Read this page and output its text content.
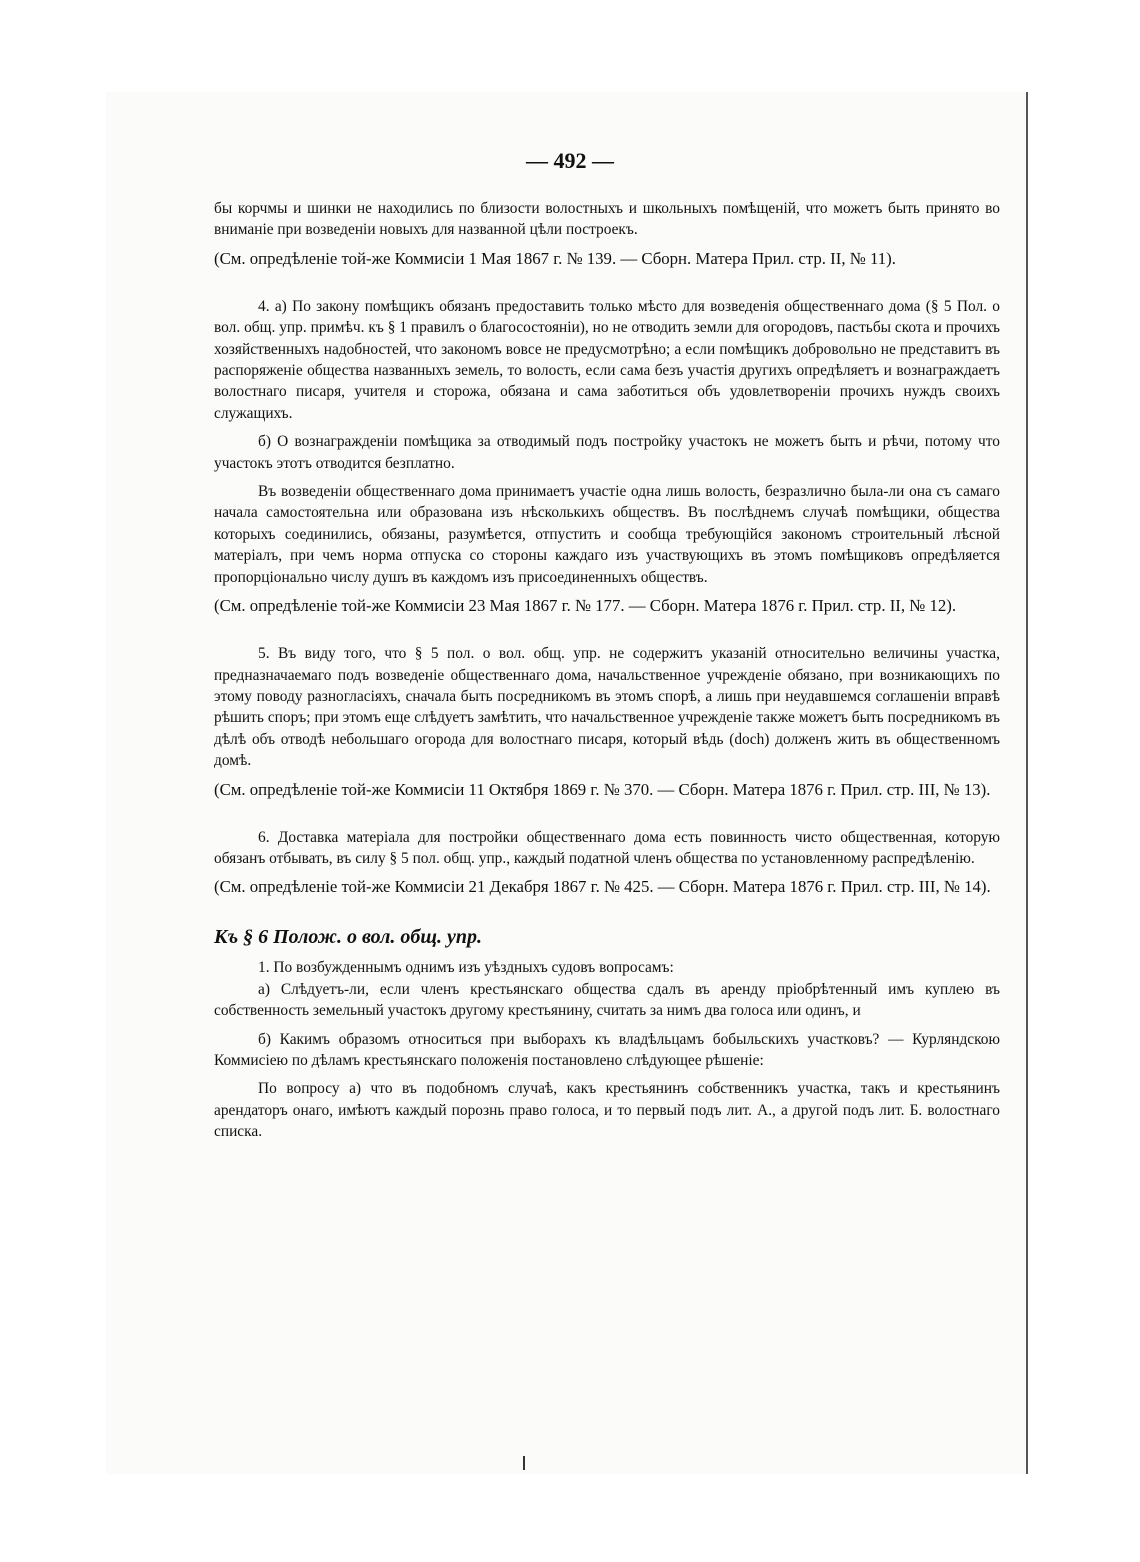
— 492 —

бы корчмы и шинки не находились по близости волостныхъ и школьныхъ помѣщеній, что можетъ быть принято во вниманіе при возведеніи новыхъ для названной цѣли построекъ.

(См. опредѣленіе той-же Коммисіи 1 Мая 1867 г. № 139. — Сборн. Матера Прил. стр. II, № 11).

4. а) По закону помѣщикъ обязанъ предоставить только мѣсто для возведенія общественнаго дома (§ 5 Пол. о вол. общ. упр. примѣч. къ § 1 правилъ о благосостояніи), но не отводить земли для огородовъ, пастьбы скота и прочихъ хозяйственныхъ надобностей, что закономъ вовсе не предусмотрѣно; а если помѣщикъ добровольно не представитъ въ распоряженіе общества названныхъ земель, то волость, если сама безъ участія другихъ опредѣляетъ и вознаграждаетъ волостнаго писаря, учителя и сторожа, обязана и сама заботиться объ удовлетвореніи прочихъ нуждъ своихъ служащихъ.

б) О вознагражденіи помѣщика за отводимый подъ постройку участокъ не можетъ быть и рѣчи, потому что участокъ этотъ отводится безплатно.

Въ возведеніи общественнаго дома принимаетъ участіе одна лишь волость, безразлично была-ли она съ самаго начала самостоятельна или образована изъ нѣсколькихъ обществъ. Въ послѣднемъ случаѣ помѣщики, общества которыхъ соединились, обязаны, разумѣется, отпустить и сообща требующійся закономъ строительный лѣсной матеріалъ, при чемъ норма отпуска со стороны каждаго изъ участвующихъ въ этомъ помѣщиковъ опредѣляется пропорціонально числу душъ въ каждомъ изъ присоединенныхъ обществъ.

(См. опредѣленіе той-же Коммисіи 23 Мая 1867 г. № 177. — Сборн. Матера 1876 г. Прил. стр. II, № 12).

5. Въ виду того, что § 5 пол. о вол. общ. упр. не содержитъ указаній относительно величины участка, предназначаемаго подъ возведеніе общественнаго дома, начальственное учрежденіе обязано, при возникающихъ по этому поводу разногласіяхъ, сначала быть посредникомъ въ этомъ спорѣ, а лишь при неудавшемся соглашеніи вправѣ рѣшить споръ; при этомъ еще слѣдуетъ замѣтить, что начальственное учрежденіе также можетъ быть посредникомъ въ дѣлѣ объ отводѣ небольшаго огорода для волостнаго писаря, который вѣдь (doch) долженъ жить въ общественномъ домѣ.

(См. опредѣленіе той-же Коммисіи 11 Октября 1869 г. № 370. — Сборн. Матера 1876 г. Прил. стр. III, № 13).

6. Доставка матеріала для постройки общественнаго дома есть повинность чисто общественная, которую обязанъ отбывать, въ силу § 5 пол. общ. упр., каждый податной членъ общества по установленному распредѣленію.

(См. опредѣленіе той-же Коммисіи 21 Декабря 1867 г. № 425. — Сборн. Матера 1876 г. Прил. стр. III, № 14).

Къ § 6 Полож. о вол. общ. упр.

1. По возбужденнымъ однимъ изъ уѣздныхъ судовъ вопросамъ:

а) Слѣдуетъ-ли, если членъ крестьянскаго общества сдалъ въ аренду пріобрѣтенный имъ куплею въ собственность земельный участокъ другому крестьянину, считать за нимъ два голоса или одинъ, и

б) Какимъ образомъ относиться при выборахъ къ владѣльцамъ бобыльскихъ участковъ? — Курляндскою Коммисіею по дѣламъ крестьянскаго положенія постановлено слѣдующее рѣшеніе:

По вопросу а) что въ подобномъ случаѣ, какъ крестьянинъ собственникъ участка, такъ и крестьянинъ арендаторъ онаго, имѣютъ каждый порознь право голоса, и то первый подъ лит. А., а другой подъ лит. Б. волостнаго списка.
